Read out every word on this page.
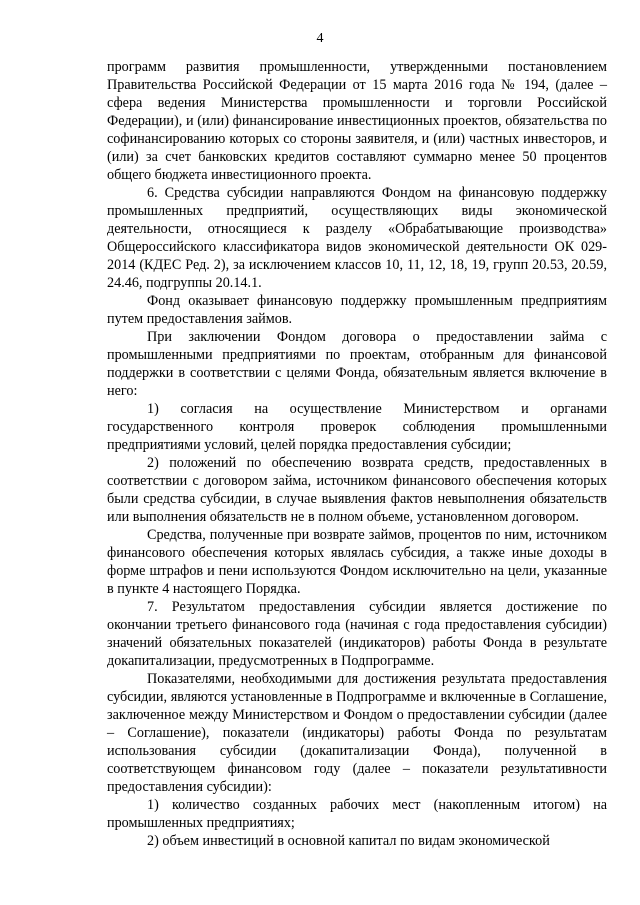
4

программ развития промышленности, утвержденными постановлением Правительства Российской Федерации от 15 марта 2016 года № 194, (далее – сфера ведения Министерства промышленности и торговли Российской Федерации), и (или) финансирование инвестиционных проектов, обязательства по софинансированию которых со стороны заявителя, и (или) частных инвесторов, и (или) за счет банковских кредитов составляют суммарно менее 50 процентов общего бюджета инвестиционного проекта.

6. Средства субсидии направляются Фондом на финансовую поддержку промышленных предприятий, осуществляющих виды экономической деятельности, относящиеся к разделу «Обрабатывающие производства» Общероссийского классификатора видов экономической деятельности ОК 029-2014 (КДЕС Ред. 2), за исключением классов 10, 11, 12, 18, 19, групп 20.53, 20.59, 24.46, подгруппы 20.14.1.

Фонд оказывает финансовую поддержку промышленным предприятиям путем предоставления займов.

При заключении Фондом договора о предоставлении займа с промышленными предприятиями по проектам, отобранным для финансовой поддержки в соответствии с целями Фонда, обязательным является включение в него:

1) согласия на осуществление Министерством и органами государственного контроля проверок соблюдения промышленными предприятиями условий, целей порядка предоставления субсидии;

2) положений по обеспечению возврата средств, предоставленных в соответствии с договором займа, источником финансового обеспечения которых были средства субсидии, в случае выявления фактов невыполнения обязательств или выполнения обязательств не в полном объеме, установленном договором.

Средства, полученные при возврате займов, процентов по ним, источником финансового обеспечения которых являлась субсидия, а также иные доходы в форме штрафов и пени используются Фондом исключительно на цели, указанные в пункте 4 настоящего Порядка.

7. Результатом предоставления субсидии является достижение по окончании третьего финансового года (начиная с года предоставления субсидии) значений обязательных показателей (индикаторов) работы Фонда в результате докапитализации, предусмотренных в Подпрограмме.

Показателями, необходимыми для достижения результата предоставления субсидии, являются установленные в Подпрограмме и включенные в Соглашение, заключенное между Министерством и Фондом о предоставлении субсидии (далее – Соглашение), показатели (индикаторы) работы Фонда по результатам использования субсидии (докапитализации Фонда), полученной в соответствующем финансовом году (далее – показатели результативности предоставления субсидии):

1) количество созданных рабочих мест (накопленным итогом) на промышленных предприятиях;

2) объем инвестиций в основной капитал по видам экономической
